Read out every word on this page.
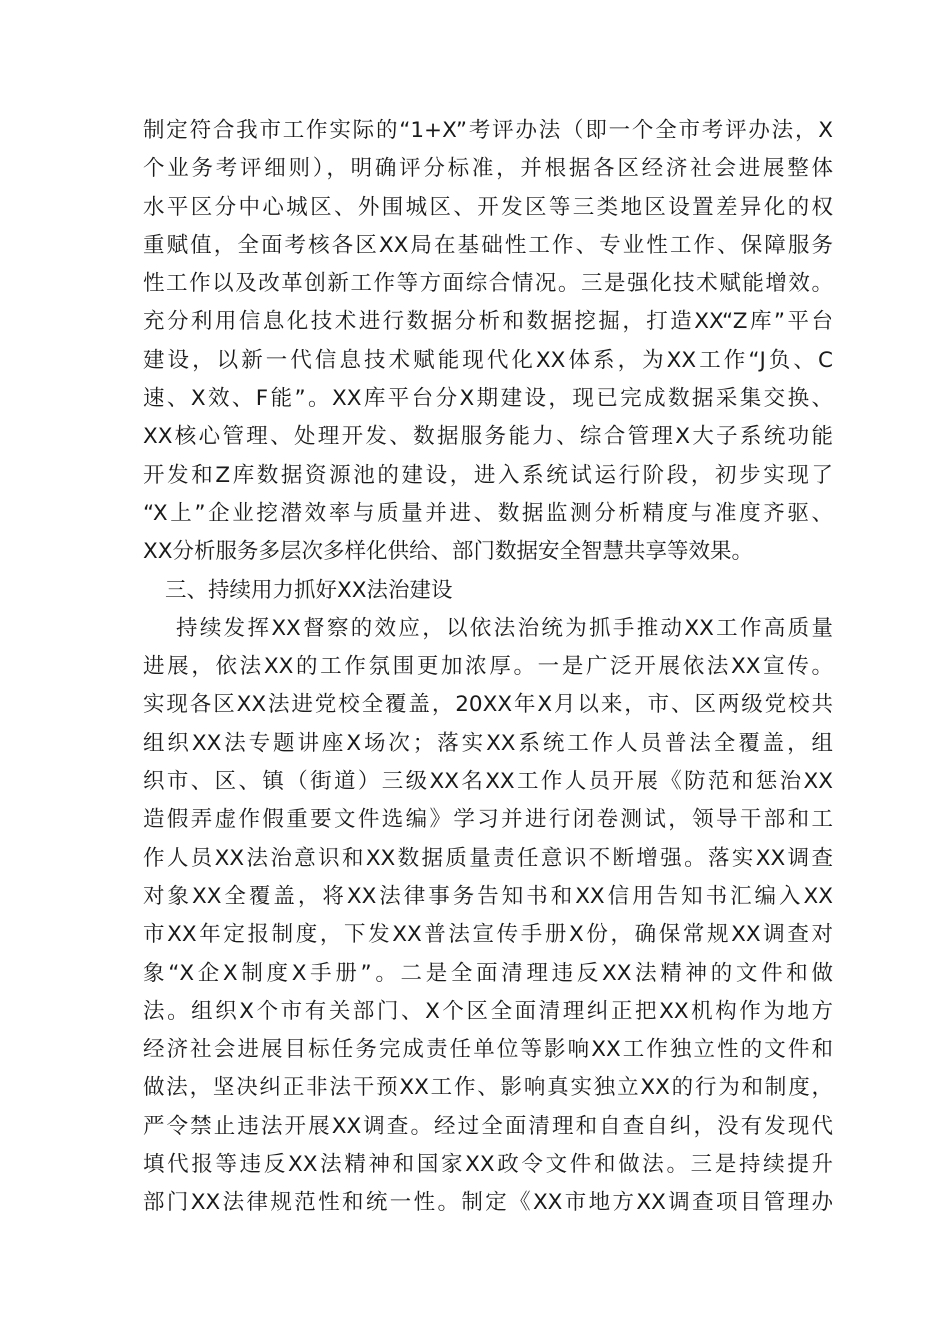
制定符合我市工作实际的“1+X”考评办法（即一个全市考评办法，X
个业务考评细则），明确评分标准，并根据各区经济社会进展整体
水平区分中心城区、外围城区、开发区等三类地区设置差异化的权
重赋值，全面考核各区XX局在基础性工作、专业性工作、保障服务
性工作以及改革创新工作等方面综合情况。三是强化技术赋能增效。
充分利用信息化技术进行数据分析和数据挖掘，打造XX“Z库”平台
建设，以新一代信息技术赋能现代化XX体系，为XX工作“J负、C
速、X效、F能”。XX库平台分X期建设，现已完成数据采集交换、
XX核心管理、处理开发、数据服务能力、综合管理X大子系统功能
开发和Z库数据资源池的建设，进入系统试运行阶段，初步实现了
“X上”企业挖潜效率与质量并进、数据监测分析精度与准度齐驱、
XX分析服务多层次多样化供给、部门数据安全智慧共享等效果。
三、持续用力抓好XX法治建设
持续发挥XX督察的效应，以依法治统为抓手推动XX工作高质量
进展，依法XX的工作氛围更加浓厚。一是广泛开展依法XX宣传。
实现各区XX法进党校全覆盖，20XX年X月以来，市、区两级党校共
组织XX法专题讲座X场次；落实XX系统工作人员普法全覆盖，组
织市、区、镇（街道）三级XX名XX工作人员开展《防范和惩治XX
造假弄虚作假重要文件选编》学习并进行闭卷测试，领导干部和工
作人员XX法治意识和XX数据质量责任意识不断增强。落实XX调查
对象XX全覆盖，将XX法律事务告知书和XX信用告知书汇编入XX
市XX年定报制度，下发XX普法宣传手册X份，确保常规XX调查对
象“X企X制度X手册”。二是全面清理违反XX法精神的文件和做
法。组织X个市有关部门、X个区全面清理纠正把XX机构作为地方
经济社会进展目标任务完成责任单位等影响XX工作独立性的文件和
做法，坚决纠正非法干预XX工作、影响真实独立XX的行为和制度，
严令禁止违法开展XX调查。经过全面清理和自查自纠，没有发现代
填代报等违反XX法精神和国家XX政令文件和做法。三是持续提升
部门XX法律规范性和统一性。制定《XX市地方XX调查项目管理办
